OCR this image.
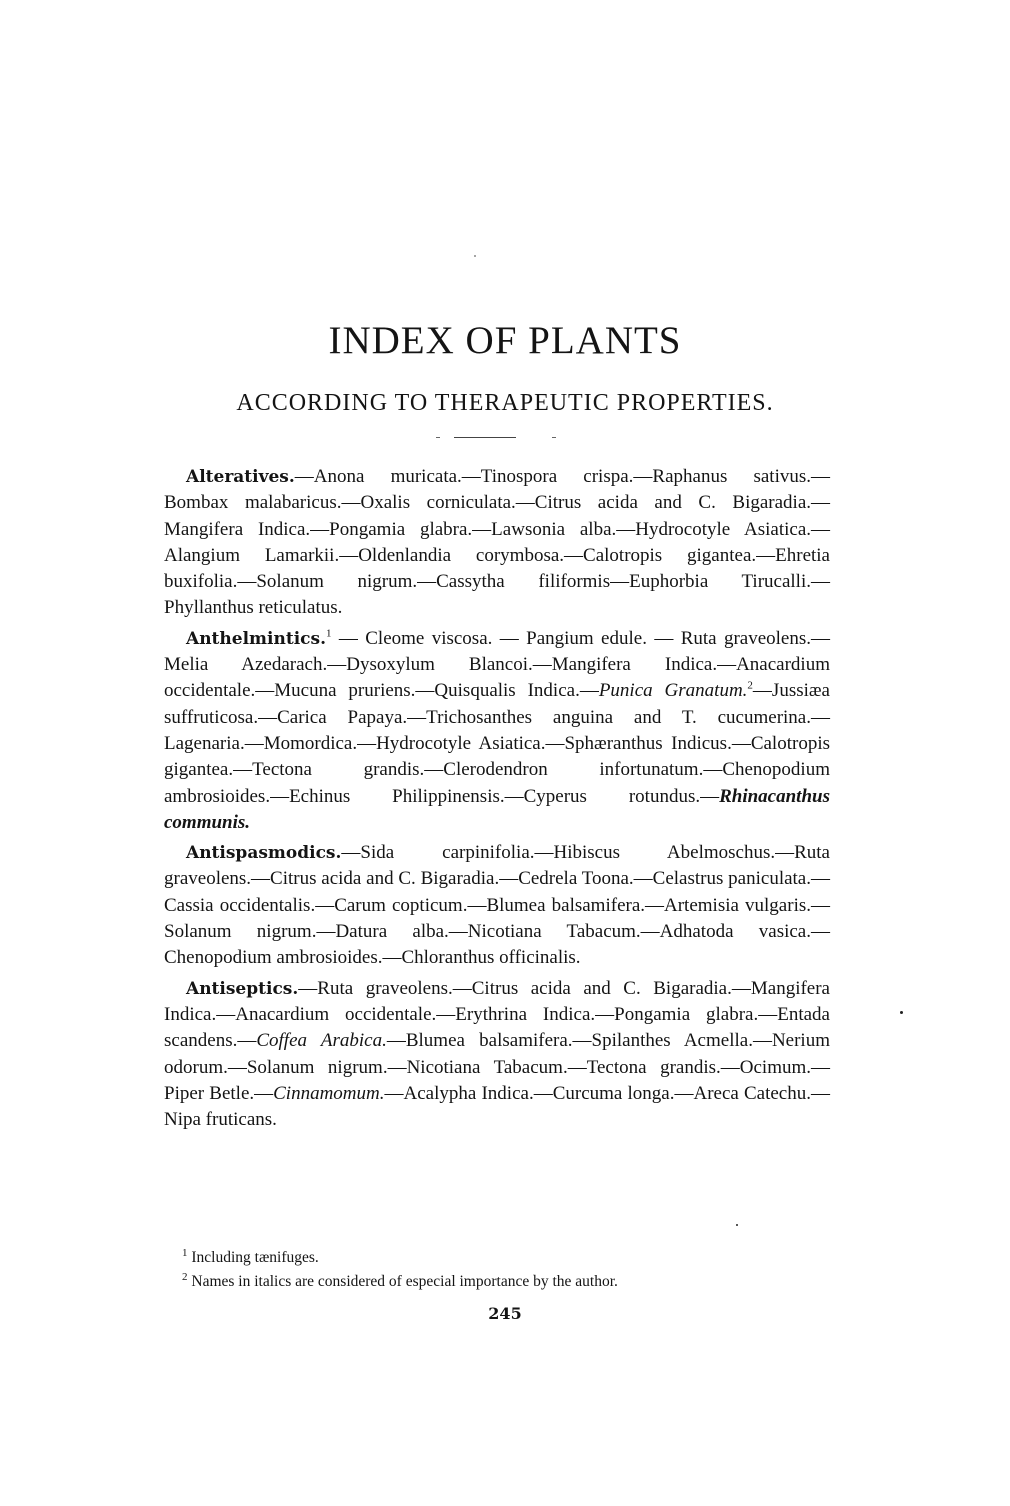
INDEX OF PLANTS
ACCORDING TO THERAPEUTIC PROPERTIES.

Alteratives.—Anona muricata.—Tinospora crispa.—Raphanus sativus.—Bombax malabaricus.—Oxalis corniculata.—Citrus acida and C. Bigaradia.—Mangifera Indica.—Pongamia glabra.—Lawsonia alba.—Hydrocotyle Asiatica.—Alangium Lamarkii.—Oldenlandia corymbosa.—Calotropis gigantea.—Ehretia buxifolia.—Solanum nigrum.—Cassytha filiformis—Euphorbia Tirucalli.—Phyllanthus reticulatus.

Anthelmintics.$^1$ — Cleome viscosa. — Pangium edule. — Ruta graveolens.—Melia Azedarach.—Dysoxylum Blancoi.—Mangifera Indica.—Anacardium occidentale.—Mucuna pruriens.—Quisqualis Indica.—Punica Granatum.$^2$—Jussiæa suffruticosa.—Carica Papaya.—Trichosanthes anguina and T. cucumerina.—Lagenaria.—Momordica.—Hydrocotyle Asiatica.—Sphæranthus Indicus.—Calotropis gigantea.—Tectona grandis.—Clerodendron infortunatum.—Chenopodium ambrosioides.—Echinus Philippinensis.—Cyperus rotundus.—Rhinacanthus communis.

Antispasmodics.—Sida carpinifolia.—Hibiscus Abelmoschus.—Ruta graveolens.—Citrus acida and C. Bigaradia.—Cedrela Toona.—Celastrus paniculata.—Cassia occidentalis.—Carum copticum.—Blumea balsamifera.—Artemisia vulgaris.—Solanum nigrum.—Datura alba.—Nicotiana Tabacum.—Adhatoda vasica.—Chenopodium ambrosioides.—Chloranthus officinalis.

Antiseptics.—Ruta graveolens.—Citrus acida and C. Bigaradia.—Mangifera Indica.—Anacardium occidentale.—Erythrina Indica.—Pongamia glabra.—Entada scandens.—Coffea Arabica.—Blumea balsamifera.—Spilanthes Acmella.—Nerium odorum.—Solanum nigrum.—Nicotiana Tabacum.—Tectona grandis.—Ocimum.—Piper Betle.—Cinnamomum.—Acalypha Indica.—Curcuma longa.—Areca Catechu.—Nipa fruticans.

$^1$ Including tænifuges.

$^2$ Names in italics are considered of especial importance by the author.

245
